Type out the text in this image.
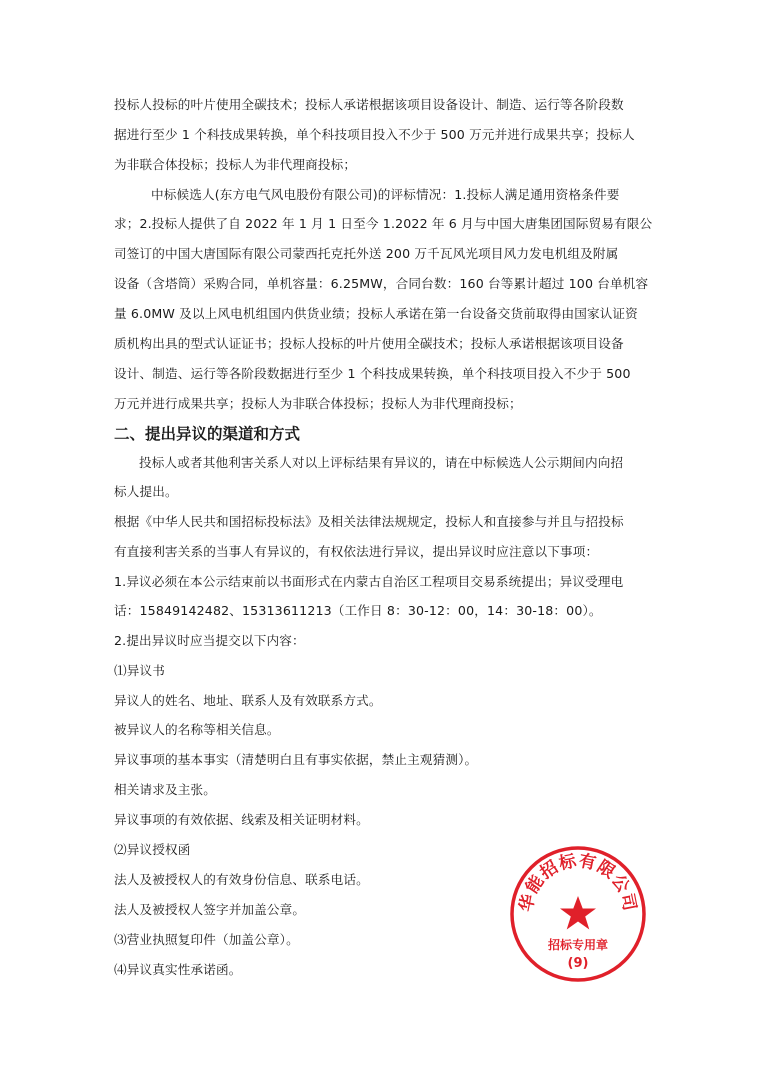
投标人投标的叶片使用全碳技术；投标人承诺根据该项目设备设计、制造、运行等各阶段数
据进行至少 1 个科技成果转换，单个科技项目投入不少于 500 万元并进行成果共享；投标人
为非联合体投标；投标人为非代理商投标；
中标候选人(东方电气风电股份有限公司)的评标情况：1.投标人满足通用资格条件要
求；2.投标人提供了自 2022 年 1 月 1 日至今 1.2022 年 6 月与中国大唐集团国际贸易有限公
司签订的中国大唐国际有限公司蒙西托克托外送 200 万千瓦风光项目风力发电机组及附属
设备（含塔筒）采购合同，单机容量：6.25MW，合同台数：160 台等累计超过 100 台单机容
量 6.0MW 及以上风电机组国内供货业绩；投标人承诺在第一台设备交货前取得由国家认证资
质机构出具的型式认证证书；投标人投标的叶片使用全碳技术；投标人承诺根据该项目设备
设计、制造、运行等各阶段数据进行至少 1 个科技成果转换，单个科技项目投入不少于 500
万元并进行成果共享；投标人为非联合体投标；投标人为非代理商投标；
二、提出异议的渠道和方式
投标人或者其他利害关系人对以上评标结果有异议的，请在中标候选人公示期间内向招
标人提出。
根据《中华人民共和国招标投标法》及相关法律法规规定，投标人和直接参与并且与招投标
有直接利害关系的当事人有异议的，有权依法进行异议，提出异议时应注意以下事项：
1.异议必须在本公示结束前以书面形式在内蒙古自治区工程项目交易系统提出；异议受理电
话：15849142482、15313611213（工作日 8：30-12：00，14：30-18：00）。
2.提出异议时应当提交以下内容：
⑴异议书
异议人的姓名、地址、联系人及有效联系方式。
被异议人的名称等相关信息。
异议事项的基本事实（清楚明白且有事实依据，禁止主观猜测）。
相关请求及主张。
异议事项的有效依据、线索及相关证明材料。
⑵异议授权函
法人及被授权人的有效身份信息、联系电话。
法人及被授权人签字并加盖公章。
⑶营业执照复印件（加盖公章）。
⑷异议真实性承诺函。
华能招标有限公司
招标专用章
(9)
